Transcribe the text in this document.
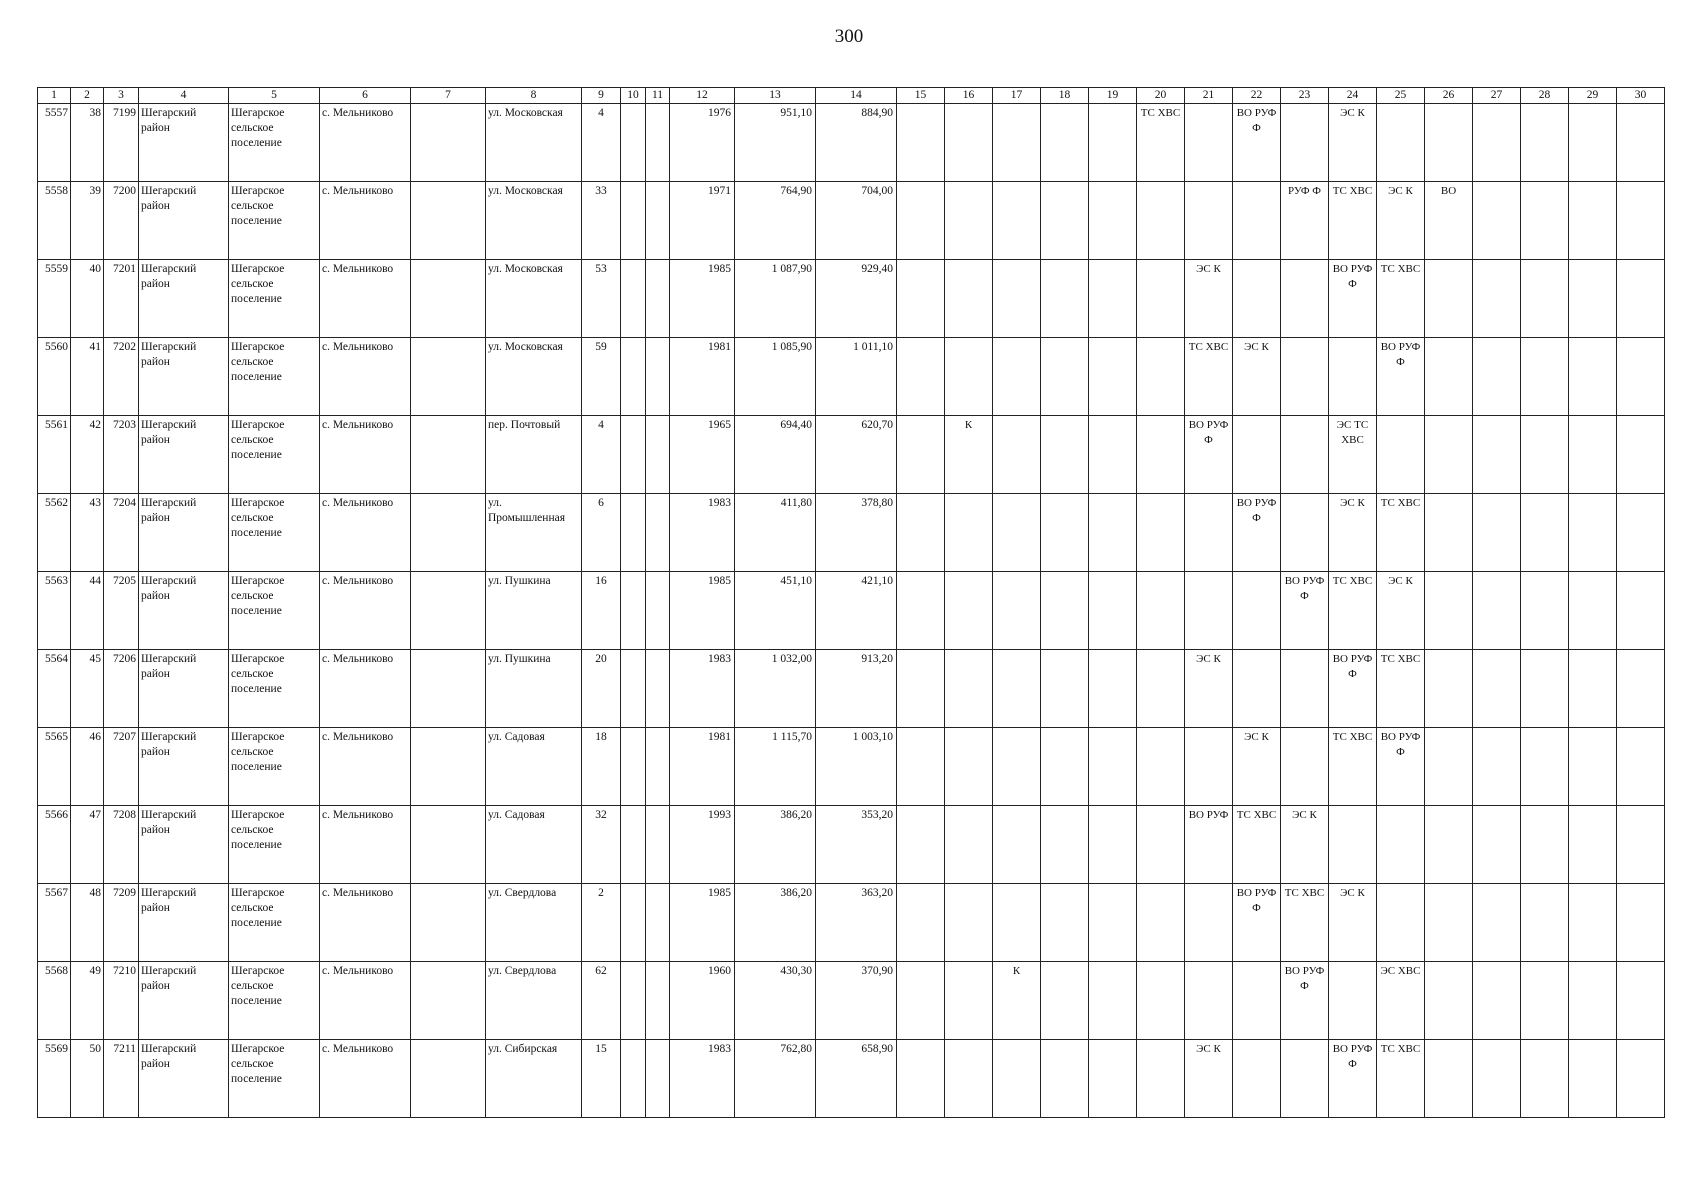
300
1	2	3	4	5	6	7	8	9	10	11	12	13	14	15	16	17	18	19	20	21	22	23	24	25	26	27	28	29	30
5557	38	7199	Шегарский район	Шегарское сельское поселение	с. Мельниково		ул. Московская	4			1976	951,10	884,90						ТС ХВС		ВО РУФ Ф		ЭС К						
5558	39	7200	Шегарский район	Шегарское сельское поселение	с. Мельниково		ул. Московская	33			1971	764,90	704,00									РУФ Ф	ТС ХВС	ЭС К	ВО				
5559	40	7201	Шегарский район	Шегарское сельское поселение	с. Мельниково		ул. Московская	53			1985	1 087,90	929,40							ЭС К			ВО РУФ Ф	ТС ХВС					
5560	41	7202	Шегарский район	Шегарское сельское поселение	с. Мельниково		ул. Московская	59			1981	1 085,90	1 011,10							ТС ХВС	ЭС К			ВО РУФ Ф					
5561	42	7203	Шегарский район	Шегарское сельское поселение	с. Мельниково		пер. Почтовый	4			1965	694,40	620,70		К					ВО РУФ Ф			ЭС ТС ХВС						
5562	43	7204	Шегарский район	Шегарское сельское поселение	с. Мельниково		ул. Промышленная	6			1983	411,80	378,80								ВО РУФ Ф		ЭС К	ТС ХВС					
5563	44	7205	Шегарский район	Шегарское сельское поселение	с. Мельниково		ул. Пушкина	16			1985	451,10	421,10									ВО РУФ Ф	ТС ХВС	ЭС К					
5564	45	7206	Шегарский район	Шегарское сельское поселение	с. Мельниково		ул. Пушкина	20			1983	1 032,00	913,20							ЭС К			ВО РУФ Ф	ТС ХВС					
5565	46	7207	Шегарский район	Шегарское сельское поселение	с. Мельниково		ул. Садовая	18			1981	1 115,70	1 003,10								ЭС К		ТС ХВС	ВО РУФ Ф					
5566	47	7208	Шегарский район	Шегарское сельское поселение	с. Мельниково		ул. Садовая	32			1993	386,20	353,20							ВО РУФ	ТС ХВС	ЭС К							
5567	48	7209	Шегарский район	Шегарское сельское поселение	с. Мельниково		ул. Свердлова	2			1985	386,20	363,20								ВО РУФ Ф	ТС ХВС	ЭС К						
5568	49	7210	Шегарский район	Шегарское сельское поселение	с. Мельниково		ул. Свердлова	62			1960	430,30	370,90			К						ВО РУФ Ф		ЭС ХВС					
5569	50	7211	Шегарский район	Шегарское сельское поселение	с. Мельниково		ул. Сибирская	15			1983	762,80	658,90							ЭС К			ВО РУФ Ф	ТС ХВС					
